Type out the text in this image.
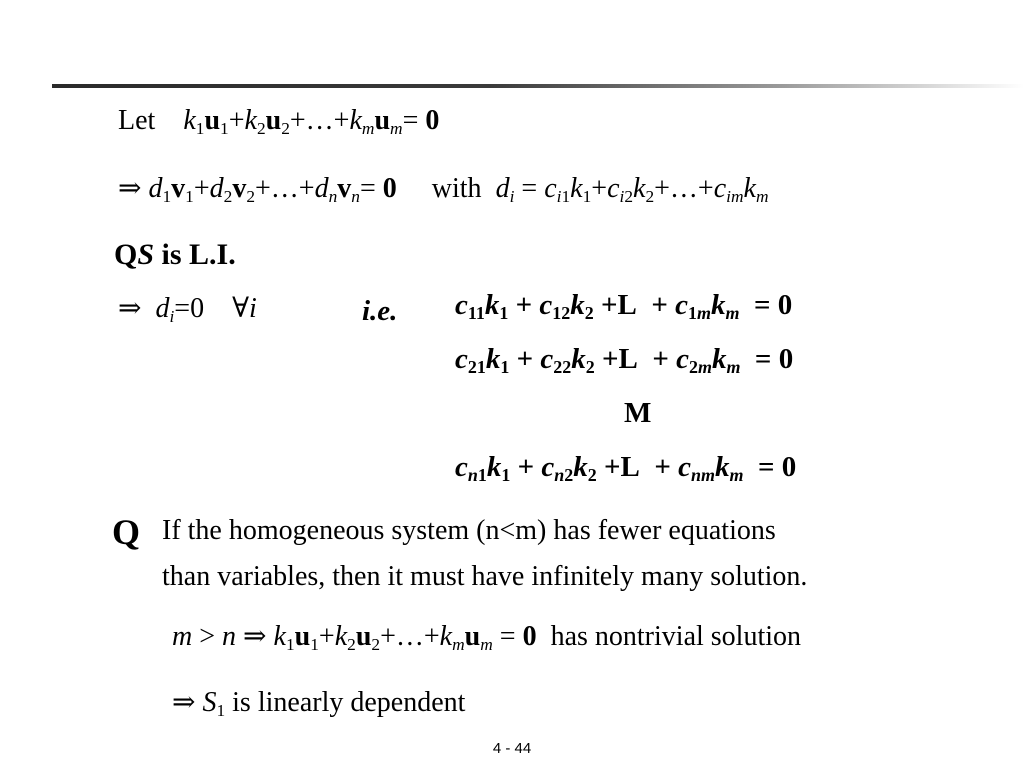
Let $k_1u_1+k_2u_2+\dots+k_mu_m= 0$
⇒ $d_1v_1+d_2v_2+\dots+d_nv_n= 0$ with $d_i$ = $c_{i1}k_1+c_{i2}k_2+\dots+c_{im}k_m$
QS is L.I.
⇒ $d_i=0$    ∀i	i.e. $c_{11}k_1 + c_{12}k_2 +L + c_{1m}k_m = 0$
$c_{21}k_1 + c_{22}k_2 +L + c_{2m}k_m = 0$
M
$c_{n1}k_1 + c_{n2}k_2 +L + c_{nm}k_m = 0$
Q If the homogeneous system (n<m) has fewer equations
than variables, then it must have infinitely many solution.
m > n ⇒ $k_1u_1+k_2u_2+\dots+k_mu_m = 0$ has nontrivial solution
⇒ $S_1$ is linearly dependent
4 - 44
